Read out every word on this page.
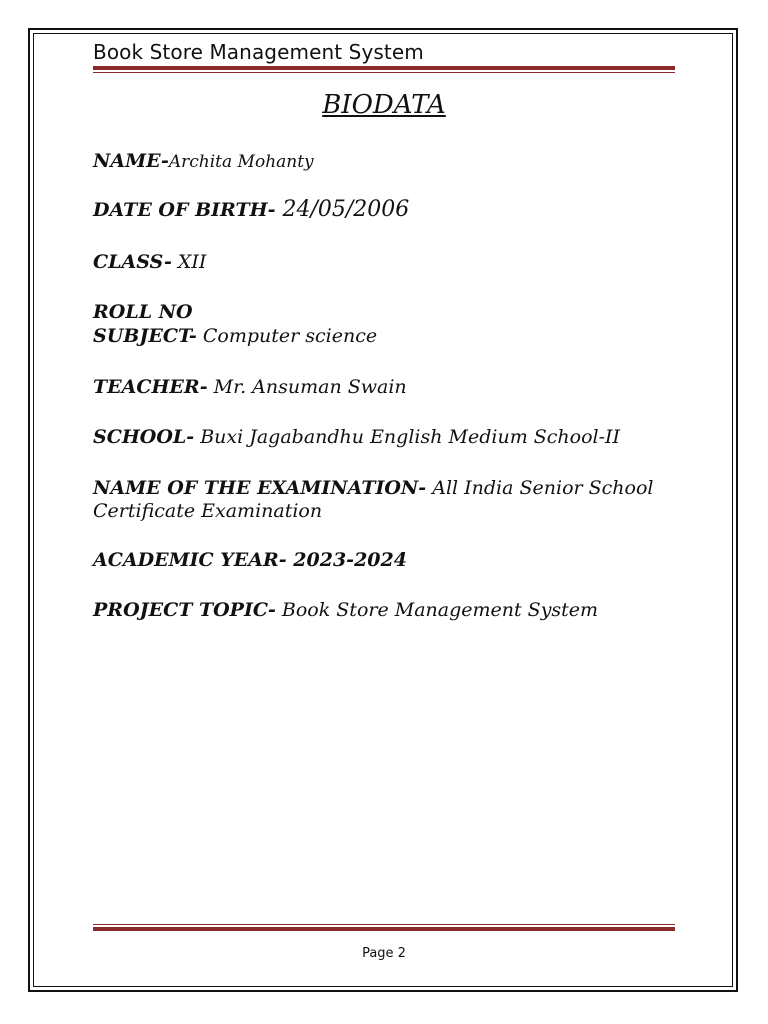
Book Store Management System
BIODATA
NAME-Archita Mohanty
DATE OF BIRTH- 24/05/2006
CLASS- XII
ROLL NO
SUBJECT- Computer science
TEACHER- Mr. Ansuman Swain
SCHOOL- Buxi Jagabandhu English Medium School-II
NAME OF THE EXAMINATION- All India Senior School Certificate Examination
ACADEMIC YEAR- 2023-2024
PROJECT TOPIC- Book Store Management System
Page 2
